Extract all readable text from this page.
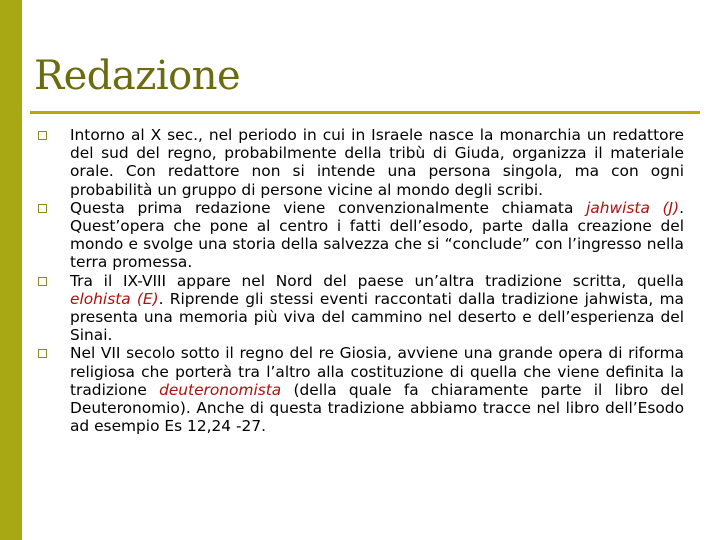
Redazione
Intorno al X sec., nel periodo in cui in Israele nasce la monarchia un redattore del sud del regno, probabilmente della tribù di Giuda, organizza il materiale orale. Con redattore non si intende una persona singola, ma con ogni probabilità un gruppo di persone vicine al mondo degli scribi.
Questa prima redazione viene convenzionalmente chiamata jahwista (J). Quest’opera che pone al centro i fatti dell’esodo, parte dalla creazione del mondo e svolge una storia della salvezza che si “conclude” con l’ingresso nella terra promessa.
Tra il IX-VIII appare nel Nord del paese un’altra tradizione scritta, quella elohista (E). Riprende gli stessi eventi raccontati dalla tradizione jahwista, ma presenta una memoria più viva del cammino nel deserto e dell’esperienza del Sinai.
Nel VII secolo sotto il regno del re Giosia, avviene una grande opera di riforma religiosa che porterà tra l’altro alla costituzione di quella che viene definita la tradizione deuteronomista (della quale fa chiaramente parte il libro del Deuteronomio). Anche di questa tradizione abbiamo tracce nel libro dell’Esodo ad esempio Es 12,24 -27.
